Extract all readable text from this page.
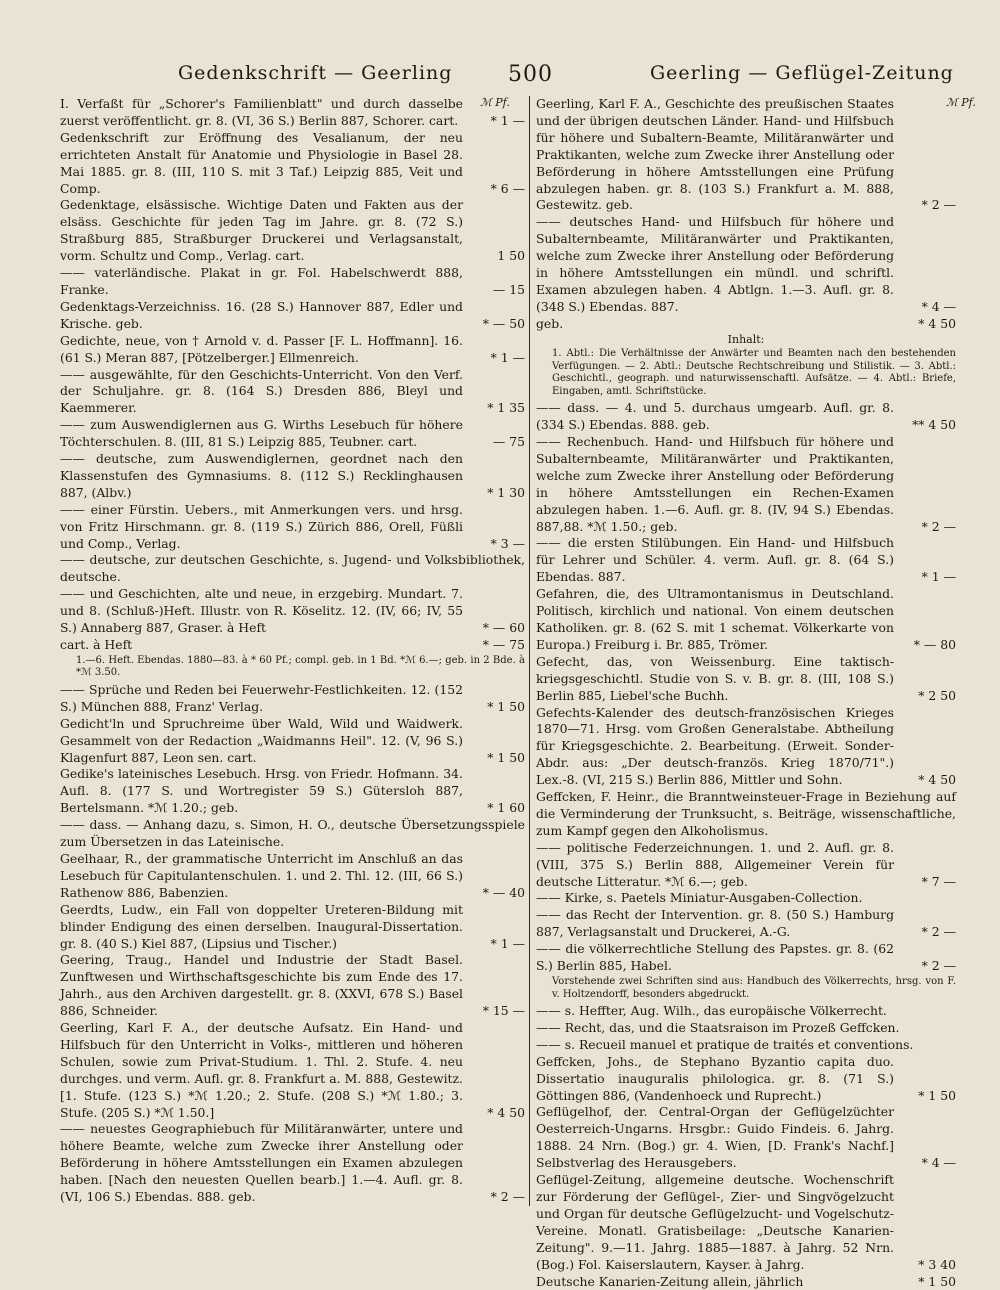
Gedenkschrift — Geerling	500	Geerling — Geflügel-Zeitung
ℳ Pf.	ℳ Pf.
I. Verfaßt für „Schorer's Familienblatt" und durch dasselbe zuerst veröffentlicht. gr. 8. (VI, 36 S.) Berlin 887, Schorer. cart.	* 1 —
Gedenkschrift zur Eröffnung des Vesalianum, der neu errichteten Anstalt für Anatomie und Physiologie in Basel 28. Mai 1885. gr. 8. (III, 110 S. mit 3 Taf.) Leipzig 885, Veit und Comp.	* 6 —
Gedenktage, elsässische. Wichtige Daten und Fakten aus der elsäss. Geschichte für jeden Tag im Jahre. gr. 8. (72 S.) Straßburg 885, Straßburger Druckerei und Verlagsanstalt, vorm. Schultz und Comp., Verlag. cart.	1 50
—— vaterländische. Plakat in gr. Fol. Habelschwerdt 888, Franke.	— 15
Gedenktags-Verzeichniss. 16. (28 S.) Hannover 887, Edler und Krische. geb.	* — 50
Gedichte, neue, von † Arnold v. d. Passer [F. L. Hoffmann]. 16. (61 S.) Meran 887, [Pötzelberger.] Ellmenreich.	* 1 —
—— ausgewählte, für den Geschichts-Unterricht. Von den Verf. der Schuljahre. gr. 8. (164 S.) Dresden 886, Bleyl und Kaemmerer.	* 1 35
—— zum Auswendiglernen aus G. Wirths Lesebuch für höhere Töchterschulen. 8. (III, 81 S.) Leipzig 885, Teubner. cart.	— 75
—— deutsche, zum Auswendiglernen, geordnet nach den Klassenstufen des Gymnasiums. 8. (112 S.) Recklinghausen 887, (Albv.)	* 1 30
—— einer Fürstin. Uebers., mit Anmerkungen vers. und hrsg. von Fritz Hirschmann. gr. 8. (119 S.) Zürich 886, Orell, Füßli und Comp., Verlag.	* 3 —
—— deutsche, zur deutschen Geschichte, s. Jugend- und Volksbibliothek, deutsche.
—— und Geschichten, alte und neue, in erzgebirg. Mundart. 7. und 8. (Schluß-)Heft. Illustr. von R. Köselitz. 12. (IV, 66; IV, 55 S.) Annaberg 887, Graser. à Heft	* — 60
cart. à Heft	* — 75
1.—6. Heft. Ebendas. 1880—83. à * 60 Pf.; compl. geb. in 1 Bd. *ℳ 6.—; geb. in 2 Bde. à *ℳ 3.50.
—— Sprüche und Reden bei Feuerwehr-Festlichkeiten. 12. (152 S.) München 888, Franz' Verlag.	* 1 50
Gedicht'ln und Spruchreime über Wald, Wild und Waidwerk. Gesammelt von der Redaction „Waidmanns Heil". 12. (V, 96 S.) Klagenfurt 887, Leon sen. cart.	* 1 50
Gedike's lateinisches Lesebuch. Hrsg. von Friedr. Hofmann. 34. Aufl. 8. (177 S. und Wortregister 59 S.) Gütersloh 887, Bertelsmann. *ℳ 1.20.; geb.	* 1 60
—— dass. — Anhang dazu, s. Simon, H. O., deutsche Übersetzungsspiele zum Übersetzen in das Lateinische.
Geelhaar, R., der grammatische Unterricht im Anschluß an das Lesebuch für Capitulantenschulen. 1. und 2. Thl. 12. (III, 66 S.) Rathenow 886, Babenzien.	* — 40
Geerdts, Ludw., ein Fall von doppelter Ureteren-Bildung mit blinder Endigung des einen derselben. Inaugural-Dissertation. gr. 8. (40 S.) Kiel 887, (Lipsius und Tischer.)	* 1 —
Geering, Traug., Handel und Industrie der Stadt Basel. Zunftwesen und Wirthschaftsgeschichte bis zum Ende des 17. Jahrh., aus den Archiven dargestellt. gr. 8. (XXVI, 678 S.) Basel 886, Schneider.	* 15 —
Geerling, Karl F. A., der deutsche Aufsatz. Ein Hand- und Hilfsbuch für den Unterricht in Volks-, mittleren und höheren Schulen, sowie zum Privat-Studium. 1. Thl. 2. Stufe. 4. neu durchges. und verm. Aufl. gr. 8. Frankfurt a. M. 888, Gestewitz. [1. Stufe. (123 S.) *ℳ 1.20.; 2. Stufe. (208 S.) *ℳ 1.80.; 3. Stufe. (205 S.) *ℳ 1.50.]	* 4 50
—— neuestes Geographiebuch für Militäranwärter, untere und höhere Beamte, welche zum Zwecke ihrer Anstellung oder Beförderung in höhere Amtsstellungen ein Examen abzulegen haben. [Nach den neuesten Quellen bearb.] 1.—4. Aufl. gr. 8. (VI, 106 S.) Ebendas. 888. geb.	* 2 —
Geerling, Karl F. A., Geschichte des preußischen Staates und der übrigen deutschen Länder. Hand- und Hilfsbuch für höhere und Subaltern-Beamte, Militäranwärter und Praktikanten, welche zum Zwecke ihrer Anstellung oder Beförderung in höhere Amtsstellungen eine Prüfung abzulegen haben. gr. 8. (103 S.) Frankfurt a. M. 888, Gestewitz. geb.	* 2 —
—— deutsches Hand- und Hilfsbuch für höhere und Subalternbeamte, Militäranwärter und Praktikanten, welche zum Zwecke ihrer Anstellung oder Beförderung in höhere Amtsstellungen ein mündl. und schriftl. Examen abzulegen haben. 4 Abtlgn. 1.—3. Aufl. gr. 8. (348 S.) Ebendas. 887.	* 4 —
geb.	* 4 50
Inhalt:
1. Abtl.: Die Verhältnisse der Anwärter und Beamten nach den bestehenden Verfügungen. — 2. Abtl.: Deutsche Rechtschreibung und Stilistik. — 3. Abtl.: Geschichtl., geograph. und naturwissenschaftl. Aufsätze. — 4. Abtl.: Briefe, Eingaben, amtl. Schriftstücke.
—— dass. — 4. und 5. durchaus umgearb. Aufl. gr. 8. (334 S.) Ebendas. 888. geb.	** 4 50
—— Rechenbuch. Hand- und Hilfsbuch für höhere und Subalternbeamte, Militäranwärter und Praktikanten, welche zum Zwecke ihrer Anstellung oder Beförderung in höhere Amtsstellungen ein Rechen-Examen abzulegen haben. 1.—6. Aufl. gr. 8. (IV, 94 S.) Ebendas. 887,88. *ℳ 1.50.; geb.	* 2 —
—— die ersten Stilübungen. Ein Hand- und Hilfsbuch für Lehrer und Schüler. 4. verm. Aufl. gr. 8. (64 S.) Ebendas. 887.	* 1 —
Gefahren, die, des Ultramontanismus in Deutschland. Politisch, kirchlich und national. Von einem deutschen Katholiken. gr. 8. (62 S. mit 1 schemat. Völkerkarte von Europa.) Freiburg i. Br. 885, Trömer.	* — 80
Gefecht, das, von Weissenburg. Eine taktisch-kriegsgeschichtl. Studie von S. v. B. gr. 8. (III, 108 S.) Berlin 885, Liebel'sche Buchh.	* 2 50
Gefechts-Kalender des deutsch-französischen Krieges 1870—71. Hrsg. vom Großen Generalstabe. Abtheilung für Kriegsgeschichte. 2. Bearbeitung. (Erweit. Sonder-Abdr. aus: „Der deutsch-französ. Krieg 1870/71".) Lex.-8. (VI, 215 S.) Berlin 886, Mittler und Sohn.	* 4 50
Geffcken, F. Heinr., die Branntweinsteuer-Frage in Beziehung auf die Verminderung der Trunksucht, s. Beiträge, wissenschaftliche, zum Kampf gegen den Alkoholismus.
—— politische Federzeichnungen. 1. und 2. Aufl. gr. 8. (VIII, 375 S.) Berlin 888, Allgemeiner Verein für deutsche Litteratur. *ℳ 6.—; geb.	* 7 —
—— Kirke, s. Paetels Miniatur-Ausgaben-Collection.
—— das Recht der Intervention. gr. 8. (50 S.) Hamburg 887, Verlagsanstalt und Druckerei, A.-G.	* 2 —
—— die völkerrechtliche Stellung des Papstes. gr. 8. (62 S.) Berlin 885, Habel.	* 2 —
Vorstehende zwei Schriften sind aus: Handbuch des Völkerrechts, hrsg. von F. v. Holtzendorff, besonders abgedruckt.
—— s. Heffter, Aug. Wilh., das europäische Völkerrecht.
—— Recht, das, und die Staatsraison im Prozeß Geffcken.
—— s. Recueil manuel et pratique de traités et conventions.
Geffcken, Johs., de Stephano Byzantio capita duo. Dissertatio inauguralis philologica. gr. 8. (71 S.) Göttingen 886, (Vandenhoeck und Ruprecht.)	* 1 50
Geflügelhof, der. Central-Organ der Geflügelzüchter Oesterreich-Ungarns. Hrsgbr.: Guido Findeis. 6. Jahrg. 1888. 24 Nrn. (Bog.) gr. 4. Wien, [D. Frank's Nachf.] Selbstverlag des Herausgebers.	* 4 —
Geflügel-Zeitung, allgemeine deutsche. Wochenschrift zur Förderung der Geflügel-, Zier- und Singvögelzucht und Organ für deutsche Geflügelzucht- und Vogelschutz-Vereine. Monatl. Gratisbeilage: „Deutsche Kanarien-Zeitung". 9.—11. Jahrg. 1885—1887. à Jahrg. 52 Nrn. (Bog.) Fol. Kaiserslautern, Kayser. à Jahrg.	* 3 40
Deutsche Kanarien-Zeitung allein, jährlich	* 1 50
